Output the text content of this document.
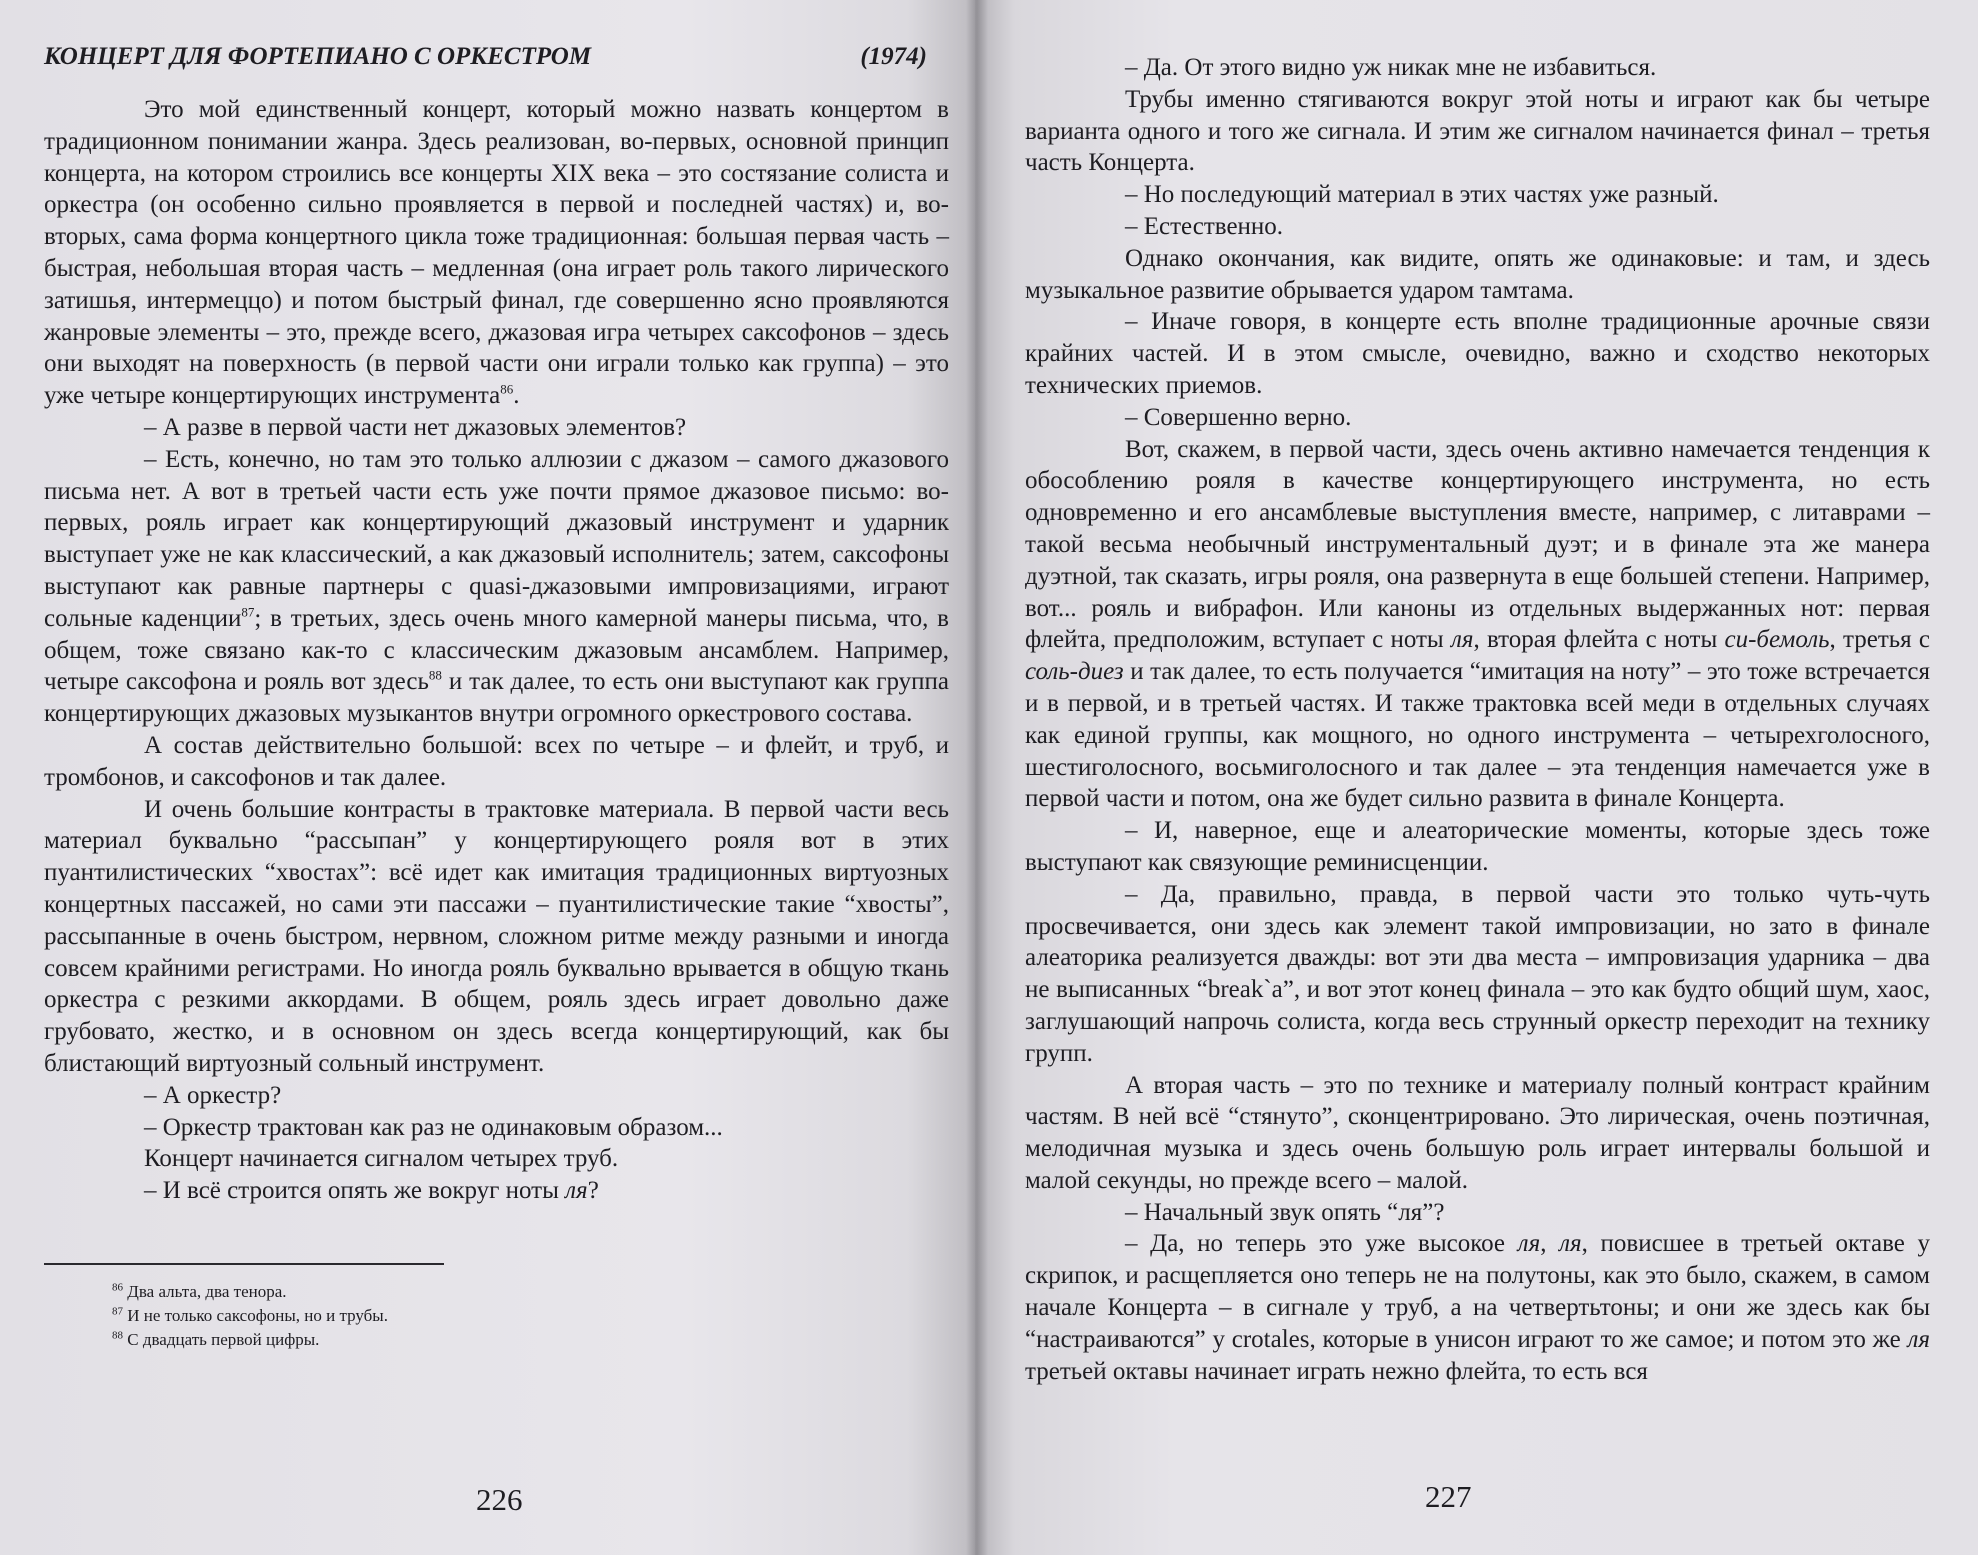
КОНЦЕРТ ДЛЯ ФОРТЕПИАНО С ОРКЕСТРОМ	(1974)

Это мой единственный концерт, который можно назвать концертом в традиционном понимании жанра. Здесь реализован, во-первых, основной принцип концерта, на котором строились все концерты XIX века – это состязание солиста и оркестра (он особенно сильно проявляется в первой и последней частях) и, во-вторых, сама форма концертного цикла тоже традиционная: большая первая часть – быстрая, небольшая вторая часть – медленная (она играет роль такого лирического затишья, интермеццо) и потом быстрый финал, где совершенно ясно проявляются жанровые элементы – это, прежде всего, джазовая игра четырех саксофонов – здесь они выходят на поверхность (в первой части они играли только как группа) – это уже четыре концертирующих инструмента$^{86}$.

– А разве в первой части нет джазовых элементов?

– Есть, конечно, но там это только аллюзии с джазом – самого джазового письма нет. А вот в третьей части есть уже почти прямое джазовое письмо: во-первых, рояль играет как концертирующий джазовый инструмент и ударник выступает уже не как классический, а как джазовый исполнитель; затем, саксофоны выступают как равные партнеры с quasi-джазовыми импровизациями, играют сольные каденции$^{87}$; в третьих, здесь очень много камерной манеры письма, что, в общем, тоже связано как-то с классическим джазовым ансамблем. Например, четыре саксофона и рояль вот здесь$^{88}$ и так далее, то есть они выступают как группа концертирующих джазовых музыкантов внутри огромного оркестрового состава.

А состав действительно большой: всех по четыре – и флейт, и труб, и тромбонов, и саксофонов и так далее.

И очень большие контрасты в трактовке материала. В первой части весь материал буквально “рассыпан” у концертирующего рояля вот в этих пуантилистических “хвостах”: всё идет как имитация традиционных виртуозных концертных пассажей, но сами эти пассажи – пуантилистические такие “хвосты”, рассыпанные в очень быстром, нервном, сложном ритме между разными и иногда совсем крайними регистрами. Но иногда рояль буквально врывается в общую ткань оркестра с резкими аккордами. В общем, рояль здесь играет довольно даже грубовато, жестко, и в основном он здесь всегда концертирующий, как бы блистающий виртуозный сольный инструмент.

– А оркестр?

– Оркестр трактован как раз не одинаковым образом...

Концерт начинается сигналом четырех труб.

– И всё строится опять же вокруг ноты ля?

$^{86}$ Два альта, два тенора.

$^{87}$ И не только саксофоны, но и трубы.

$^{88}$ С двадцать первой цифры.

226

– Да. От этого видно уж никак мне не избавиться.

Трубы именно стягиваются вокруг этой ноты и играют как бы четыре варианта одного и того же сигнала. И этим же сигналом начинается финал – третья часть Концерта.

– Но последующий материал в этих частях уже разный.

– Естественно.

Однако окончания, как видите, опять же одинаковые: и там, и здесь музыкальное развитие обрывается ударом тамтама.

– Иначе говоря, в концерте есть вполне традиционные арочные связи крайних частей. И в этом смысле, очевидно, важно и сходство некоторых технических приемов.

– Совершенно верно.

Вот, скажем, в первой части, здесь очень активно намечается тенденция к обособлению рояля в качестве концертирующего инструмента, но есть одновременно и его ансамблевые выступления вместе, например, с литаврами – такой весьма необычный инструментальный дуэт; и в финале эта же манера дуэтной, так сказать, игры рояля, она развернута в еще большей степени. Например, вот... рояль и вибрафон. Или каноны из отдельных выдержанных нот: первая флейта, предположим, вступает с ноты ля, вторая флейта с ноты си-бемоль, третья с соль-диез и так далее, то есть получается “имитация на ноту” – это тоже встречается и в первой, и в третьей частях. И также трактовка всей меди в отдельных случаях как единой группы, как мощного, но одного инструмента – четырехголосного, шестиголосного, восьмиголосного и так далее – эта тенденция намечается уже в первой части и потом, она же будет сильно развита в финале Концерта.

– И, наверное, еще и алеаторические моменты, которые здесь тоже выступают как связующие реминисценции.

– Да, правильно, правда, в первой части это только чуть-чуть просвечивается, они здесь как элемент такой импровизации, но зато в финале алеаторика реализуется дважды: вот эти два места – импровизация ударника – два не выписанных “break`a”, и вот этот конец финала – это как будто общий шум, хаос, заглушающий напрочь солиста, когда весь струнный оркестр переходит на технику групп.

А вторая часть – это по технике и материалу полный контраст крайним частям. В ней всё “стянуто”, сконцентрировано. Это лирическая, очень поэтичная, мелодичная музыка и здесь очень большую роль играет интервалы большой и малой секунды, но прежде всего – малой.

– Начальный звук опять “ля”?

– Да, но теперь это уже высокое ля, ля, повисшее в третьей октаве у скрипок, и расщепляется оно теперь не на полутоны, как это было, скажем, в самом начале Концерта – в сигнале у труб, а на четвертьтоны; и они же здесь как бы “настраиваются” у crotales, которые в унисон играют то же самое; и потом это же ля третьей октавы начинает играть нежно флейта, то есть вся

227
